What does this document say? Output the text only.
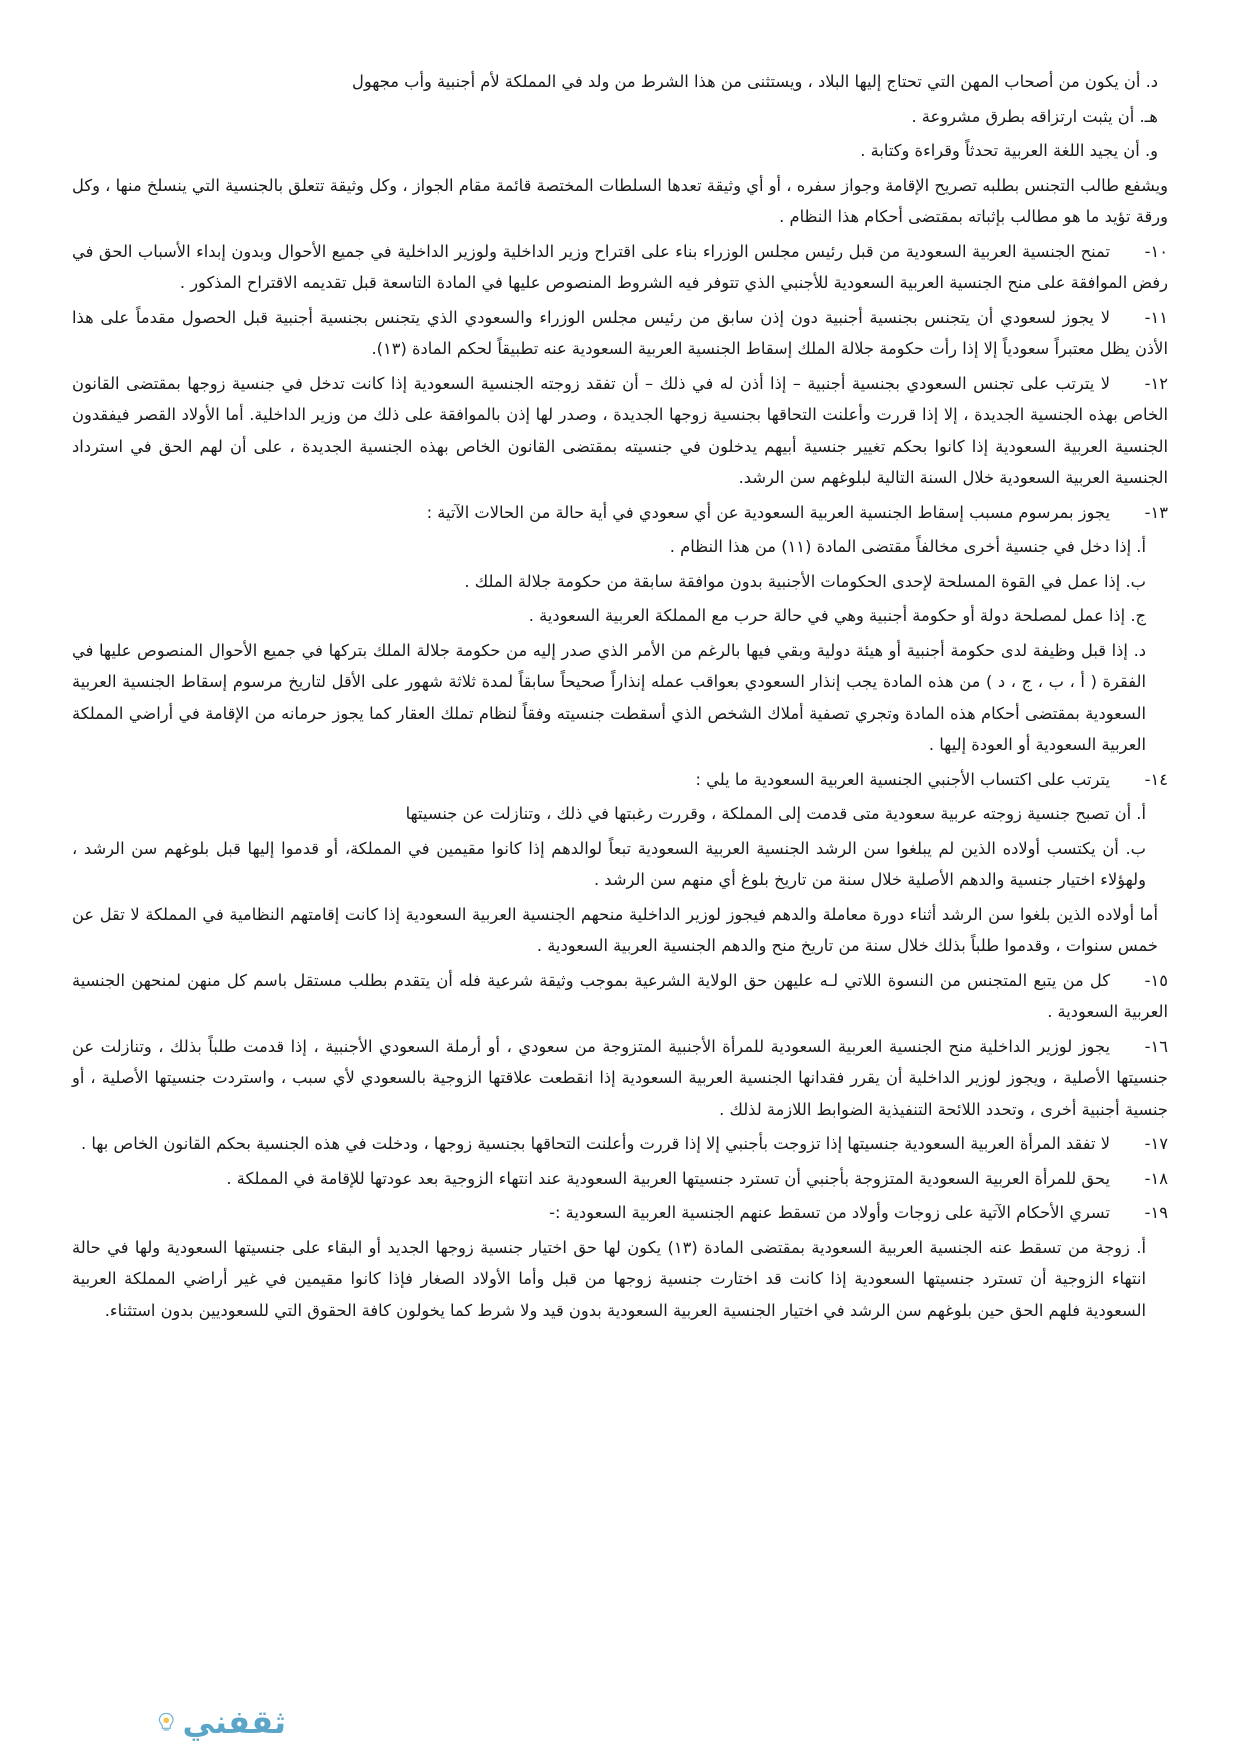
د. أن يكون من أصحاب المهن التي تحتاج إليها البلاد ، ويستثنى من هذا الشرط من ولد في المملكة لأم أجنبية وأب مجهول

هـ. أن يثبت ارتزاقه بطرق مشروعة .

و. أن يجيد اللغة العربية تحدثاً وقراءة وكتابة .

ويشفع طالب التجنس بطلبه تصريح الإقامة وجواز سفره ، أو أي وثيقة تعدها السلطات المختصة قائمة مقام الجواز ، وكل وثيقة تتعلق بالجنسية التي ينسلخ منها ، وكل ورقة تؤيد ما هو مطالب بإثباته بمقتضى أحكام هذا النظام .

١٠-تمنح الجنسية العربية السعودية من قبل رئيس مجلس الوزراء بناء على اقتراح وزير الداخلية ولوزير الداخلية في جميع الأحوال وبدون إبداء الأسباب الحق في رفض الموافقة على منح الجنسية العربية السعودية للأجنبي الذي تتوفر فيه الشروط المنصوص عليها في المادة التاسعة قبل تقديمه الاقتراح المذكور .

١١-لا يجوز لسعودي أن يتجنس بجنسية أجنبية دون إذن سابق من رئيس مجلس الوزراء والسعودي الذي يتجنس بجنسية أجنبية قبل الحصول مقدماً على هذا الأذن يظل معتبراً سعودياً إلا إذا رأت حكومة جلالة الملك إسقاط الجنسية العربية السعودية عنه تطبيقاً لحكم المادة (١٣).

١٢-لا يترتب على تجنس السعودي بجنسية أجنبية – إذا أذن له في ذلك – أن تفقد زوجته الجنسية السعودية إذا كانت تدخل في جنسية زوجها بمقتضى القانون الخاص بهذه الجنسية الجديدة ، إلا إذا قررت وأعلنت التحاقها بجنسية زوجها الجديدة ، وصدر لها إذن بالموافقة على ذلك من وزير الداخلية. أما الأولاد القصر فيفقدون الجنسية العربية السعودية إذا كانوا بحكم تغيير جنسية أبيهم يدخلون في جنسيته بمقتضى القانون الخاص بهذه الجنسية الجديدة ، على أن لهم الحق في استرداد الجنسية العربية السعودية خلال السنة التالية لبلوغهم سن الرشد.

١٣-يجوز بمرسوم مسبب إسقاط الجنسية العربية السعودية عن أي سعودي في أية حالة من الحالات الآتية :

أ. إذا دخل في جنسية أخرى مخالفاً مقتضى المادة (١١) من هذا النظام .

ب. إذا عمل في القوة المسلحة لإحدى الحكومات الأجنبية بدون موافقة سابقة من حكومة جلالة الملك .

ج. إذا عمل لمصلحة دولة أو حكومة أجنبية وهي في حالة حرب مع المملكة العربية السعودية .

د. إذا قبل وظيفة لدى حكومة أجنبية أو هيئة دولية وبقي فيها بالرغم من الأمر الذي صدر إليه من حكومة جلالة الملك بتركها في جميع الأحوال المنصوص عليها في الفقرة ( أ ، ب ، ج ، د ) من هذه المادة يجب إنذار السعودي بعواقب عمله إنذاراً صحيحاً سابقاً لمدة ثلاثة شهور على الأقل لتاريخ مرسوم إسقاط الجنسية العربية السعودية بمقتضى أحكام هذه المادة وتجري تصفية أملاك الشخص الذي أسقطت جنسيته وفقاً لنظام تملك العقار كما يجوز حرمانه من الإقامة في أراضي المملكة العربية السعودية أو العودة إليها .

١٤-يترتب على اكتساب الأجنبي الجنسية العربية السعودية ما يلي :

أ. أن تصبح جنسية زوجته عربية سعودية متى قدمت إلى المملكة ، وقررت رغبتها في ذلك ، وتنازلت عن جنسيتها

ب. أن يكتسب أولاده الذين لم يبلغوا سن الرشد الجنسية العربية السعودية تبعاً لوالدهم إذا كانوا مقيمين في المملكة، أو قدموا إليها قبل بلوغهم سن الرشد ، ولهؤلاء اختيار جنسية والدهم الأصلية خلال سنة من تاريخ بلوغ أي منهم سن الرشد .

أما أولاده الذين بلغوا سن الرشد أثناء دورة معاملة والدهم فيجوز لوزير الداخلية منحهم الجنسية العربية السعودية إذا كانت إقامتهم النظامية في المملكة لا تقل عن خمس سنوات ، وقدموا طلباً بذلك خلال سنة من تاريخ منح والدهم الجنسية العربية السعودية .

١٥-كل من يتبع المتجنس من النسوة اللاتي لـه عليهن حق الولاية الشرعية بموجب وثيقة شرعية فله أن يتقدم بطلب مستقل باسم كل منهن لمنحهن الجنسية العربية السعودية .

١٦-يجوز لوزير الداخلية منح الجنسية العربية السعودية للمرأة الأجنبية المتزوجة من سعودي ، أو أرملة السعودي الأجنبية ، إذا قدمت طلباً بذلك ، وتنازلت عن جنسيتها الأصلية ، ويجوز لوزير الداخلية أن يقرر فقدانها الجنسية العربية السعودية إذا انقطعت علاقتها الزوجية بالسعودي لأي سبب ، واستردت جنسيتها الأصلية ، أو جنسية أجنبية أخرى ، وتحدد اللائحة التنفيذية الضوابط اللازمة لذلك .

١٧-لا تفقد المرأة العربية السعودية جنسيتها إذا تزوجت بأجنبي إلا إذا قررت وأعلنت التحاقها بجنسية زوجها ، ودخلت في هذه الجنسية بحكم القانون الخاص بها .

١٨-يحق للمرأة العربية السعودية المتزوجة بأجنبي أن تسترد جنسيتها العربية السعودية عند انتهاء الزوجية بعد عودتها للإقامة في المملكة .

١٩-تسري الأحكام الآتية على زوجات وأولاد من تسقط عنهم الجنسية العربية السعودية :-

أ. زوجة من تسقط عنه الجنسية العربية السعودية بمقتضى المادة (١٣) يكون لها حق اختيار جنسية زوجها الجديد أو البقاء على جنسيتها السعودية ولها في حالة انتهاء الزوجية أن تسترد جنسيتها السعودية إذا كانت قد اختارت جنسية زوجها من قبل وأما الأولاد الصغار فإذا كانوا مقيمين في غير أراضي المملكة العربية السعودية فلهم الحق حين بلوغهم سن الرشد في اختيار الجنسية العربية السعودية بدون قيد ولا شرط كما يخولون كافة الحقوق التي للسعوديين بدون استثناء.

ثقفني
